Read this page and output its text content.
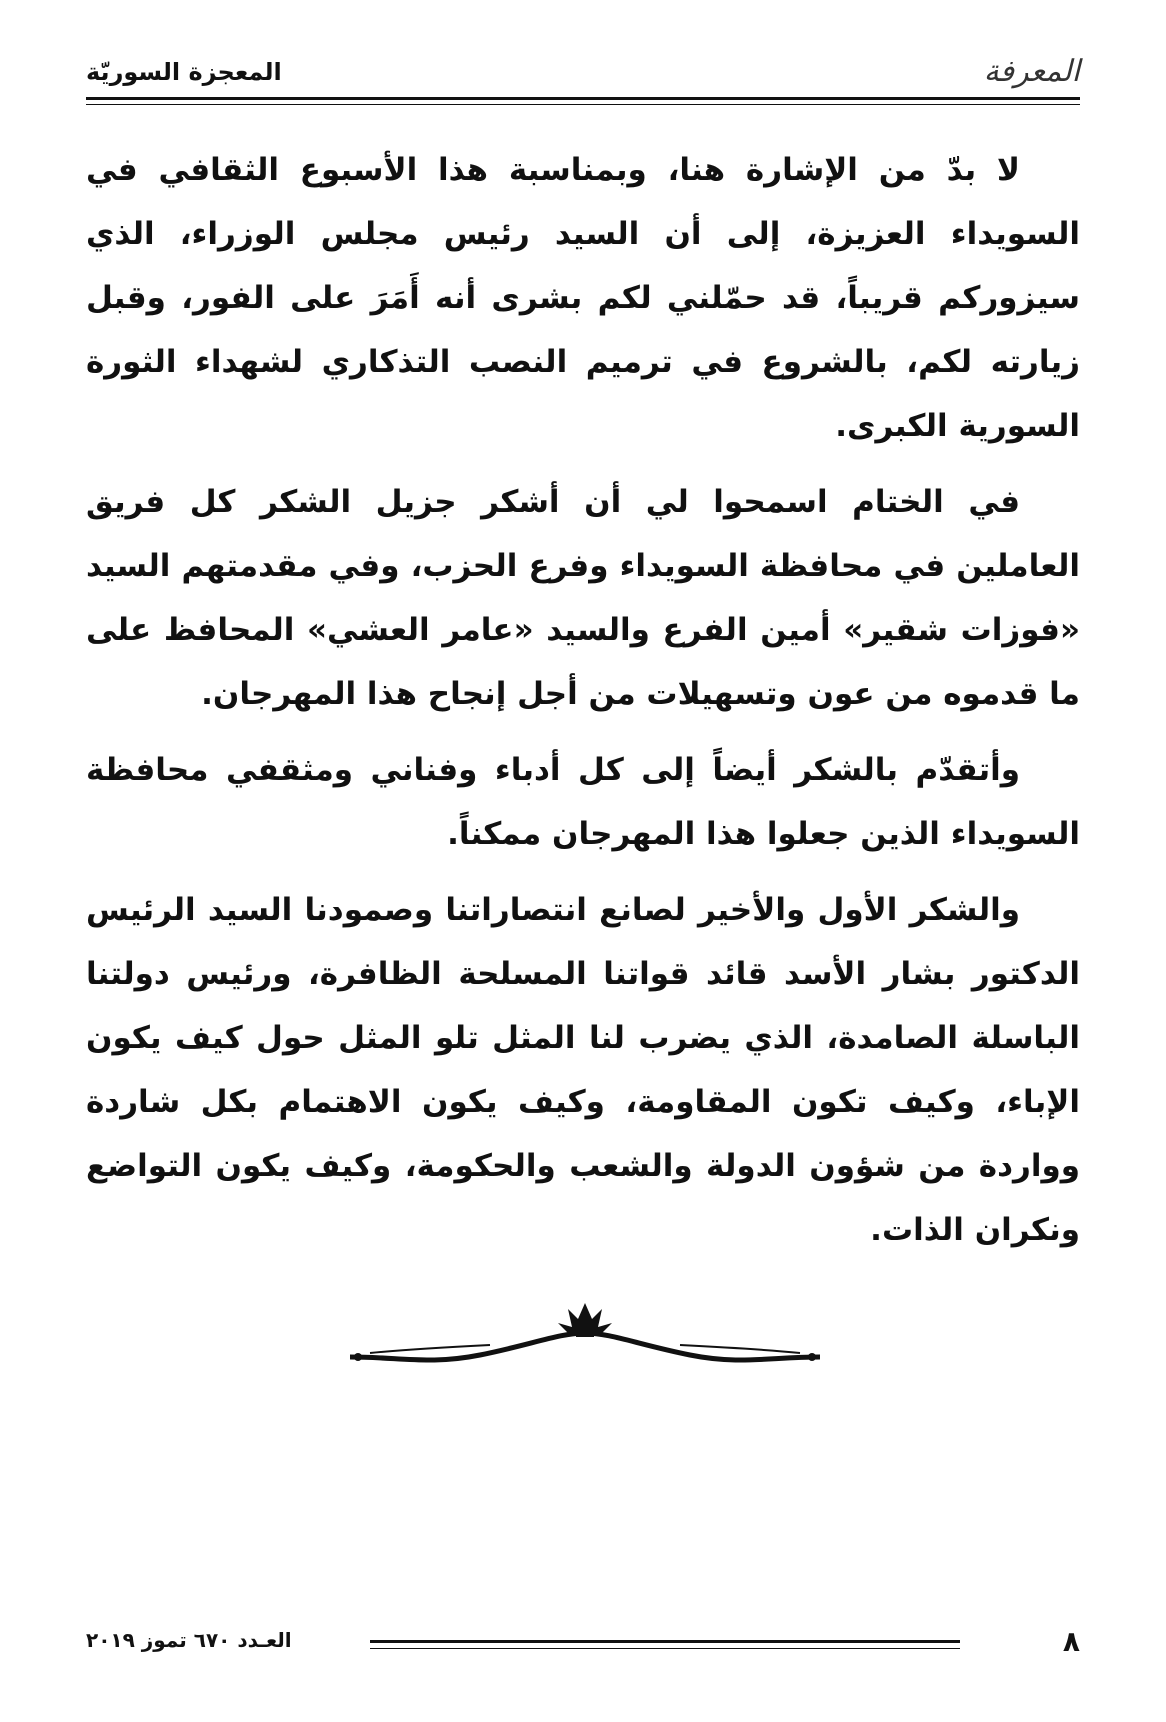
المعرفة
المعجزة السوريّة

لا بدّ من الإشارة هنا، وبمناسبة هذا الأسبوع الثقافي في السويداء العزيزة، إلى أن السيد رئيس مجلس الوزراء، الذي سيزوركم قريباً، قد حمّلني لكم بشرى أنه أَمَرَ على الفور، وقبل زيارته لكم، بالشروع في ترميم النصب التذكاري لشهداء الثورة السورية الكبرى.

في الختام اسمحوا لي أن أشكر جزيل الشكر كل فريق العاملين في محافظة السويداء وفرع الحزب، وفي مقدمتهم السيد «فوزات شقير» أمين الفرع والسيد «عامر العشي» المحافظ على ما قدموه من عون وتسهيلات من أجل إنجاح هذا المهرجان.

وأتقدّم بالشكر أيضاً إلى كل أدباء وفناني ومثقفي محافظة السويداء الذين جعلوا هذا المهرجان ممكناً.

والشكر الأول والأخير لصانع انتصاراتنا وصمودنا السيد الرئيس الدكتور بشار الأسد قائد قواتنا المسلحة الظافرة، ورئيس دولتنا الباسلة الصامدة، الذي يضرب لنا المثل تلو المثل حول كيف يكون الإباء، وكيف تكون المقاومة، وكيف يكون الاهتمام بكل شاردة وواردة من شؤون الدولة والشعب والحكومة، وكيف يكون التواضع ونكران الذات.

٨
العـدد ٦٧٠ تموز ٢٠١٩
